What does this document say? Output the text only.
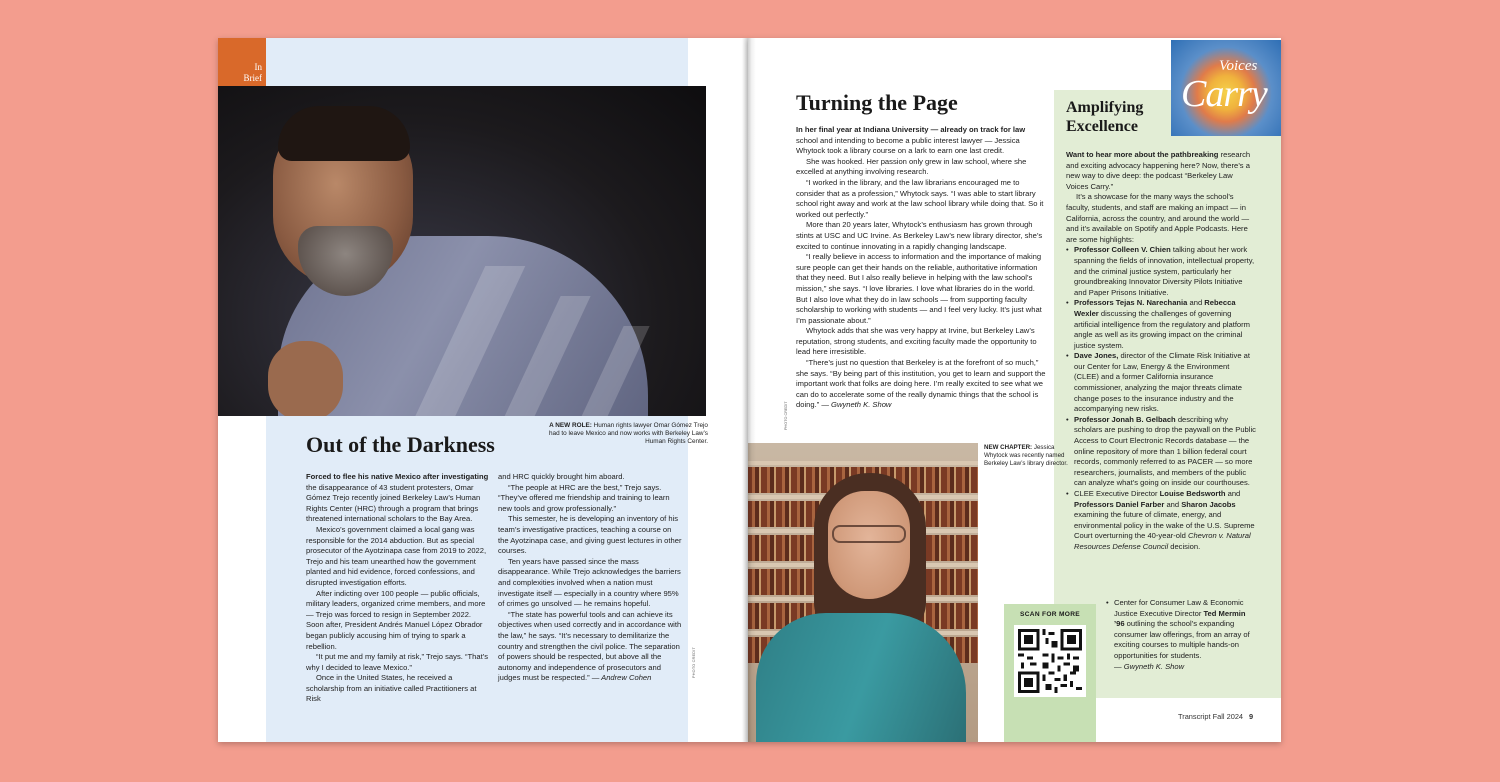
In
Brief
A NEW ROLE: Human rights lawyer Omar Gómez Trejo had to leave Mexico and now works with Berkeley Law’s Human Rights Center.
Out of the Darkness

Forced to flee his native Mexico after investigating the disappearance of 43 student protesters, Omar Gómez Trejo recently joined Berkeley Law’s Human Rights Center (HRC) through a program that brings threatened international scholars to the Bay Area.

Mexico’s government claimed a local gang was responsible for the 2014 abduction. But as special prosecutor of the Ayotzinapa case from 2019 to 2022, Trejo and his team unearthed how the government planted and hid evidence, forced confessions, and disrupted investigation efforts.

After indicting over 100 people — public officials, military leaders, organized crime members, and more — Trejo was forced to resign in September 2022. Soon after, President Andrés Manuel López Obrador began publicly accusing him of trying to spark a rebellion.

“It put me and my family at risk,” Trejo says. “That’s why I decided to leave Mexico.”

Once in the United States, he received a scholarship from an initiative called Practitioners at Risk

and HRC quickly brought him aboard.

“The people at HRC are the best,” Trejo says. “They’ve offered me friendship and training to learn new tools and grow professionally.”

This semester, he is developing an inventory of his team’s investigative practices, teaching a course on the Ayotzinapa case, and giving guest lectures in other courses.

Ten years have passed since the mass disappearance. While Trejo acknowledges the barriers and complexities involved when a nation must investigate itself — especially in a country where 95% of crimes go unsolved — he remains hopeful.

“The state has powerful tools and can achieve its objectives when used correctly and in accordance with the law,” he says. “It’s necessary to demilitarize the country and strengthen the civil police. The separation of powers should be respected, but above all the autonomy and independence of prosecutors and judges must be respected.” — Andrew Cohen	PHOTO CREDIT
Turning the Page

In her final year at Indiana University — already on track for law school and intending to become a public interest lawyer — Jessica Whytock took a library course on a lark to earn one last credit.

She was hooked. Her passion only grew in law school, where she excelled at anything involving research.

“I worked in the library, and the law librarians encouraged me to consider that as a profession,” Whytock says. “I was able to start library school right away and work at the law school library while doing that. So it worked out perfectly.”

More than 20 years later, Whytock’s enthusiasm has grown through stints at USC and UC Irvine. As Berkeley Law’s new library director, she’s excited to continue innovating in a rapidly changing landscape.

“I really believe in access to information and the importance of making sure people can get their hands on the reliable, authoritative information that they need. But I also really believe in helping with the law school’s mission,” she says. “I love libraries. I love what libraries do in the world. But I also love what they do in law schools — from supporting faculty scholarship to working with students — and I feel very lucky. It’s just what I’m passionate about.”

Whytock adds that she was very happy at Irvine, but Berkeley Law’s reputation, strong students, and exciting faculty made the opportunity to lead here irresistible.

“There’s just no question that Berkeley is at the forefront of so much,” she says. “By being part of this institution, you get to learn and support the important work that folks are doing here. I’m really excited to see what we can do to accelerate some of the really dynamic things that the school is doing.” — Gwyneth K. Show

PHOTO CREDIT
NEW CHAPTER: Jessica Whytock was recently named Berkeley Law’s library director.
Voices
Carry
Amplifying Excellence

Want to hear more about the pathbreaking research and exciting advocacy happening here? Now, there’s a new way to dive deep: the podcast “Berkeley Law Voices Carry.”

It’s a showcase for the many ways the school’s faculty, students, and staff are making an impact — in California, across the country, and around the world — and it’s available on Spotify and Apple Podcasts. Here are some highlights:

• Professor Colleen V. Chien talking about her work spanning the fields of innovation, intellectual property, and the criminal justice system, particularly her groundbreaking Innovator Diversity Pilots Initiative and Paper Prisons Initiative.
• Professors Tejas N. Narechania and Rebecca Wexler discussing the challenges of governing artificial intelligence from the regulatory and platform angle as well as its growing impact on the criminal justice system.
• Dave Jones, director of the Climate Risk Initiative at our Center for Law, Energy & the Environment (CLEE) and a former California insurance commissioner, analyzing the major threats climate change poses to the insurance industry and the accompanying new risks.
• Professor Jonah B. Gelbach describing why scholars are pushing to drop the paywall on the Public Access to Court Electronic Records database — the online repository of more than 1 billion federal court records, commonly referred to as PACER — so more researchers, journalists, and members of the public can analyze what’s going on inside our courthouses.
• CLEE Executive Director Louise Bedsworth and Professors Daniel Farber and Sharon Jacobs examining the future of climate, energy, and environmental policy in the wake of the U.S. Supreme Court overturning the 40-year-old Chevron v. Natural Resources Defense Council decision.
• Center for Consumer Law & Economic Justice Executive Director Ted Mermin ’96 outlining the school’s expanding consumer law offerings, from an array of exciting courses to multiple hands-on opportunities for students.
— Gwyneth K. Show
SCAN FOR MORE
Transcript Fall 2024 9
